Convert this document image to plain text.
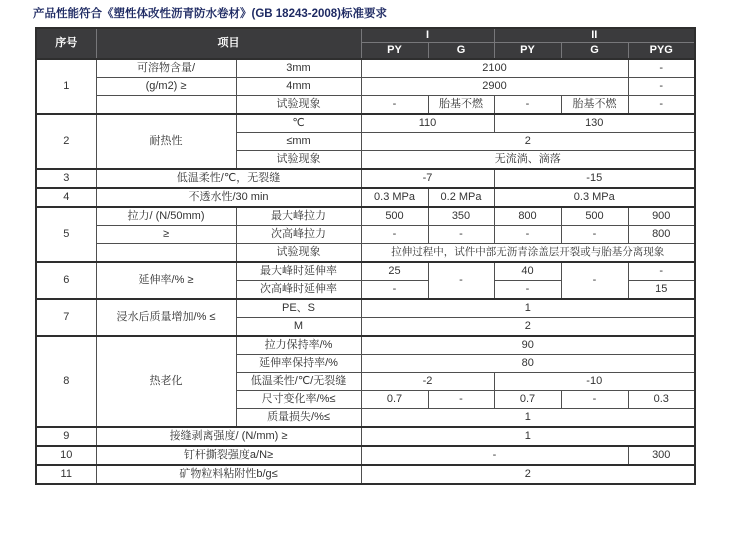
产品性能符合《塑性体改性沥青防水卷材》(GB 18243-2008)标准要求
序号	项目		I		II		
			PY	G	PY	G	PYG
1	可溶物含量/	3mm	2100				-
	(g/m2) ≥	4mm	2900				-
		试验现象	-	胎基不燃	-	胎基不燃	-
2	耐热性	℃	110		130		
		≤mm	2				
		试验现象	无流淌、滴落				
3	低温柔性/℃，无裂缝		-7		-15		
4	不透水性/30 min		0.3 MPa	0.2 MPa	0.3 MPa		
5	拉力/ (N/50mm)	最大峰拉力	500	350	800	500	900
	≥	次高峰拉力	-	-	-	-	800
		试验现象	拉伸过程中，试件中部无沥青涂盖层开裂或与胎基分离现象				
6	延伸率/% ≥	最大峰时延伸率	25	-	40	-	-
		次高峰时延伸率	-		-		15
7	浸水后质量增加/% ≤	PE、S	1				
		M	2				
8	热老化	拉力保持率/%	90				
		延伸率保持率/%	80				
		低温柔性/℃/无裂缝	-2		-10		
		尺寸变化率/%≤	0.7	-	0.7	-	0.3
		质量损失/%≤	1				
9	接缝剥离强度/ (N/mm) ≥		1				
10	钉杆撕裂强度a/N≥		-				300
11	矿物粒料粘附性b/g≤		2				
